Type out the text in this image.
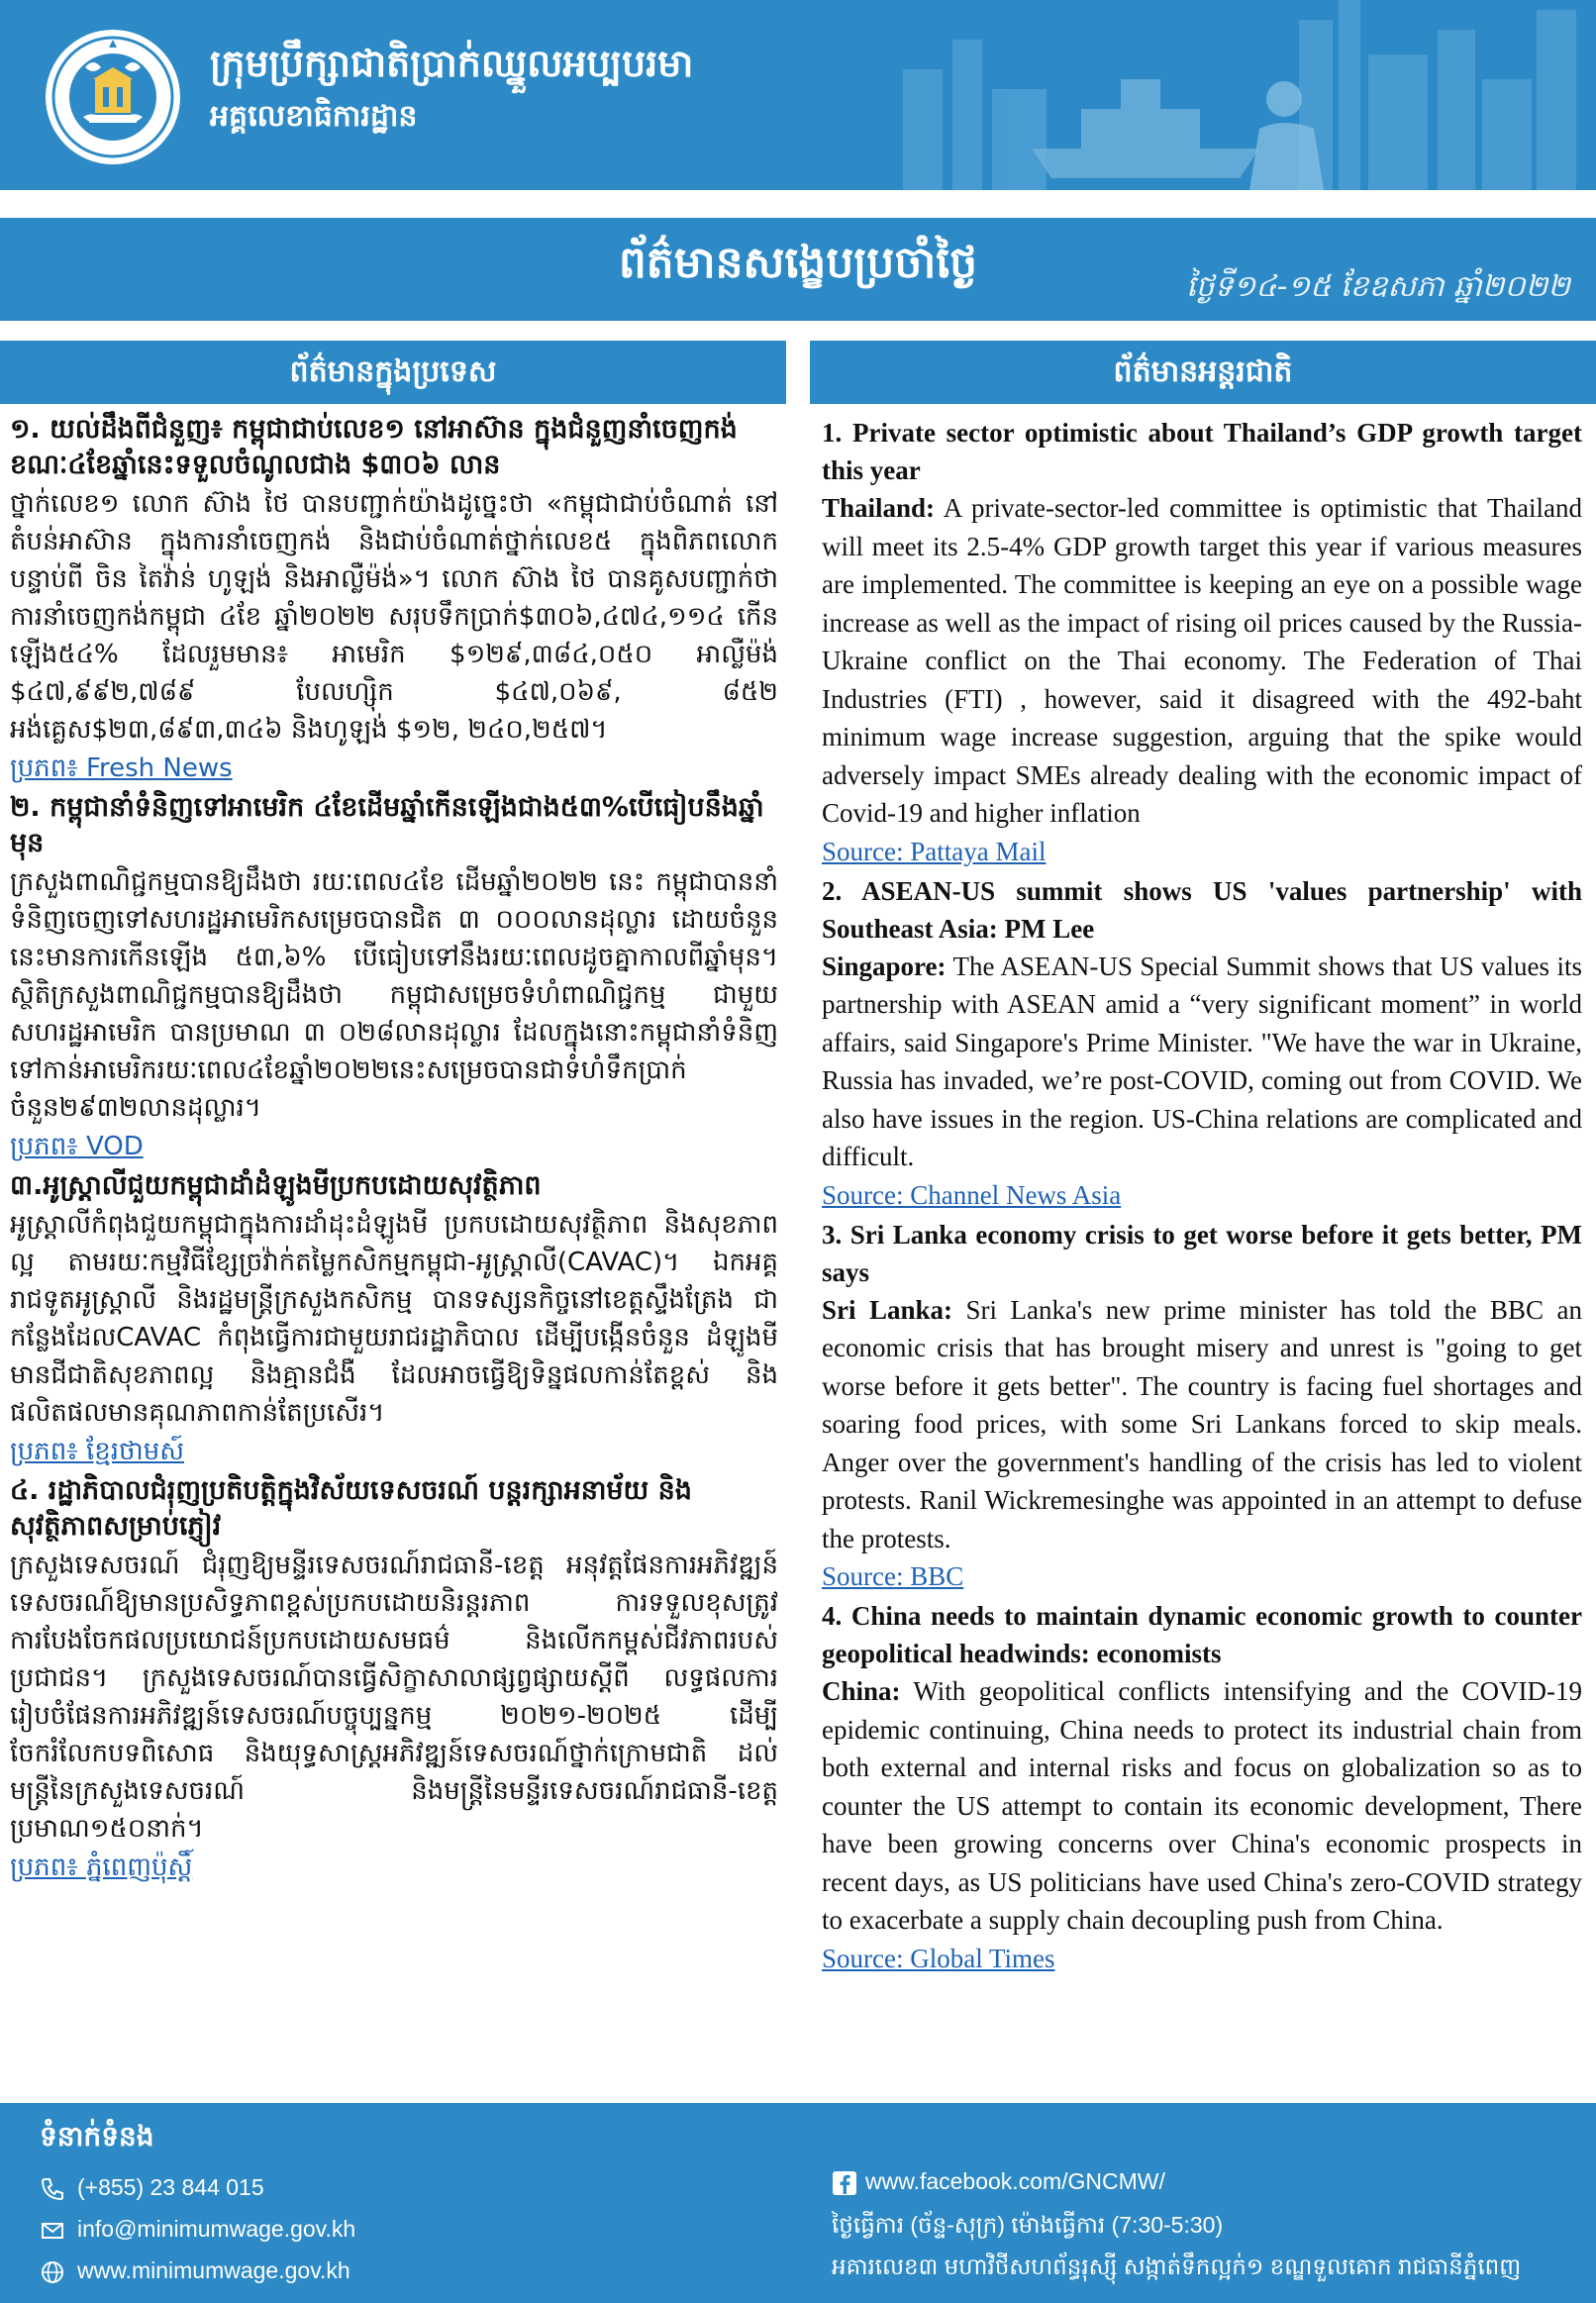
ក្រុមប្រឹក្សាជាតិប្រាក់ឈ្នួលអប្បបរមា
អគ្គលេខាធិការដ្ឋាន
ព័ត៌មានសង្ខេបប្រចាំថ្ងៃ	ថ្ងៃទី១៤-១៥ ខែឧសភា ឆ្នាំ២០២២
ព័ត៌មានក្នុងប្រទេស

១. យល់ដឹងពីជំនួញ៖ កម្ពុជាជាប់លេខ១ នៅអាស៊ាន ក្នុងជំនួញនាំចេញកង់ ខណៈ៤ខែឆ្នាំនេះទទួលចំណូលជាង $៣០៦ លាន

ថ្នាក់លេខ១ លោក ស៊ាង ថៃ បានបញ្ជាក់យ៉ាងដូច្នេះថា «កម្ពុជាជាប់ចំណាត់ នៅតំបន់អាស៊ាន ក្នុងការនាំចេញកង់ និងជាប់ចំណាត់ថ្នាក់លេខ៥ ក្នុងពិភពលោក បន្ទាប់ពី ចិន តៃវ៉ាន់ ហូឡង់ និងអាល្លឺម៉ង់»។ លោក ស៊ាង ថៃ បានគូសបញ្ជាក់ថា ការនាំចេញកង់កម្ពុជា ៤ខែ ឆ្នាំ២០២២ សរុបទឹកប្រាក់$៣០៦,៤៧៤,១១៤ កើនឡើង៥៤% ដែលរួមមាន៖ អាមេរិក $១២៩,៣៨៤,០៥០ អាល្លឺម៉ង់ $៤៧,៩៩២,៧៨៩ បែលហ្ស៊ិក $៤៧,០៦៩, ៨៥២ អង់គ្លេស$២៣,៨៩៣,៣៤៦ និងហូឡង់ $១២, ២៤០,២៥៧។

ប្រភព៖ Fresh News

២. កម្ពុជានាំទំនិញទៅអាមេរិក ៤ខែដើមឆ្នាំកើនឡើងជាង៥៣%បើធៀបនឹងឆ្នាំមុន

ក្រសួងពាណិជ្ជកម្មបានឱ្យដឹងថា រយៈពេល៤ខែ ដើមឆ្នាំ២០២២ នេះ កម្ពុជាបាននាំទំនិញចេញទៅសហរដ្ឋអាមេរិកសម្រេចបានជិត ៣ ០០០លានដុល្លារ ដោយចំនួននេះមានការកើនឡើង ៥៣,៦% បើធៀបទៅនឹងរយៈពេលដូចគ្នាកាលពីឆ្នាំមុន។ ស្ថិតិក្រសួងពាណិជ្ជកម្មបានឱ្យដឹងថា កម្ពុជាសម្រេចទំហំពាណិជ្ជកម្ម ជាមួយសហរដ្ឋអាមេរិក បានប្រមាណ ៣ ០២៨លានដុល្លារ ដែលក្នុងនោះកម្ពុជានាំទំនិញទៅកាន់អាមេរិករយៈពេល៤ខែឆ្នាំ២០២២នេះសម្រេចបានជាទំហំទឹកប្រាក់ចំនួន២៩៣២លានដុល្លារ។

ប្រភព៖ VOD

៣.អូស្ត្រាលីជួយកម្ពុជាដាំដំឡូងមីប្រកបដោយសុវត្ថិភាព

អូស្ត្រាលីកំពុងជួយកម្ពុជាក្នុងការដាំដុះដំឡូងមី ប្រកបដោយសុវត្ថិភាព និងសុខភាពល្អ តាមរយៈកម្មវិធីខ្សែច្រវ៉ាក់តម្លៃកសិកម្មកម្ពុជា-អូស្ត្រាលី(CAVAC)។ ឯកអគ្គរាជទូតអូស្ត្រាលី និងរដ្ឋមន្ត្រីក្រសួងកសិកម្ម បានទស្សនកិច្ចនៅខេត្តស្ទឹងត្រែង ជាកន្លែងដែលCAVAC កំពុងធ្វើការជាមួយរាជរដ្ឋាភិបាល ដើម្បីបង្កើនចំនួន ដំឡូងមីមានជីជាតិសុខភាពល្អ និងគ្មានជំងឺ ដែលអាចធ្វើឱ្យទិន្នផលកាន់តែខ្ពស់ និងផលិតផលមានគុណភាពកាន់តែប្រសើរ។

ប្រភព៖ ខ្មែរថាមស៍

៤. រដ្ឋាភិបាលជំរុញប្រតិបត្តិក្នុងវិស័យទេសចរណ៍ បន្តរក្សាអនាម័យ និងសុវត្ថិភាពសម្រាប់ភ្ញៀវ

ក្រសួងទេសចរណ៍ ជំរុញឱ្យមន្ទីរទេសចរណ៍រាជធានី-ខេត្ត អនុវត្តផែនការអភិវឌ្ឍន៍ទេសចរណ៍ឱ្យមានប្រសិទ្ធភាពខ្ពស់ប្រកបដោយនិរន្តរភាព ការទទួលខុសត្រូវ ការបែងចែកផលប្រយោជន៍ប្រកបដោយសមធម៌ និងលើកកម្ពស់ជីវភាពរបស់ប្រជាជន។ ក្រសួងទេសចរណ៍បានធ្វើសិក្ខាសាលាផ្សព្វផ្សាយស្ដីពី លទ្ធផលការរៀបចំផែនការអភិវឌ្ឍន៍ទេសចរណ៍បច្ចុប្បន្នកម្ម ២០២១-២០២៥ ដើម្បីចែករំលែកបទពិសោធ និងយុទ្ធសាស្ត្រអភិវឌ្ឍន៍ទេសចរណ៍ថ្នាក់ក្រោមជាតិ ដល់ មន្ត្រីនៃក្រសួងទេសចរណ៍ និងមន្ត្រីនៃមន្ទីរទេសចរណ៍រាជធានី-ខេត្ត ប្រមាណ១៥០នាក់។

ប្រភព៖ ភ្នំពេញប៉ុស្តិ៍

ព័ត៌មានអន្តរជាតិ

1. Private sector optimistic about Thailand’s GDP growth target this year

Thailand: A private-sector-led committee is optimistic that Thailand will meet its 2.5-4% GDP growth target this year if various measures are implemented. The committee is keeping an eye on a possible wage increase as well as the impact of rising oil prices caused by the Russia-Ukraine conflict on the Thai economy. The Federation of Thai Industries (FTI) , however, said it disagreed with the 492-baht minimum wage increase suggestion, arguing that the spike would adversely impact SMEs already dealing with the economic impact of Covid-19 and higher inflation

Source: Pattaya Mail

2. ASEAN-US summit shows US 'values partnership' with Southeast Asia: PM Lee

Singapore: The ASEAN-US Special Summit shows that US values its partnership with ASEAN amid a “very significant moment” in world affairs, said Singapore's Prime Minister. "We have the war in Ukraine, Russia has invaded, we’re post-COVID, coming out from COVID. We also have issues in the region. US-China relations are complicated and difficult.

Source: Channel News Asia

3. Sri Lanka economy crisis to get worse before it gets better, PM says

Sri Lanka: Sri Lanka's new prime minister has told the BBC an economic crisis that has brought misery and unrest is "going to get worse before it gets better". The country is facing fuel shortages and soaring food prices, with some Sri Lankans forced to skip meals. Anger over the government's handling of the crisis has led to violent protests. Ranil Wickremesinghe was appointed in an attempt to defuse the protests.

Source: BBC

4. China needs to maintain dynamic economic growth to counter geopolitical headwinds: economists

China: With geopolitical conflicts intensifying and the COVID-19 epidemic continuing, China needs to protect its industrial chain from both external and internal risks and focus on globalization so as to counter the US attempt to contain its economic development, There have been growing concerns over China's economic prospects in recent days, as US politicians have used China's zero-COVID strategy to exacerbate a supply chain decoupling push from China.

Source: Global Times

ទំនាក់ទំនង
(+855) 23 844 015
info@minimumwage.gov.kh
www.minimumwage.gov.kh
www.facebook.com/GNCMW/
ថ្ងៃធ្វើការ (ច័ន្ទ-សុក្រ) ម៉ោងធ្វើការ (7:30-5:30)
អគារលេខ៣ មហាវិថីសហព័ន្ធរុស្ស៊ី សង្កាត់ទឹកល្អក់១ ខណ្ឌទួលគោក រាជធានីភ្នំពេញ
